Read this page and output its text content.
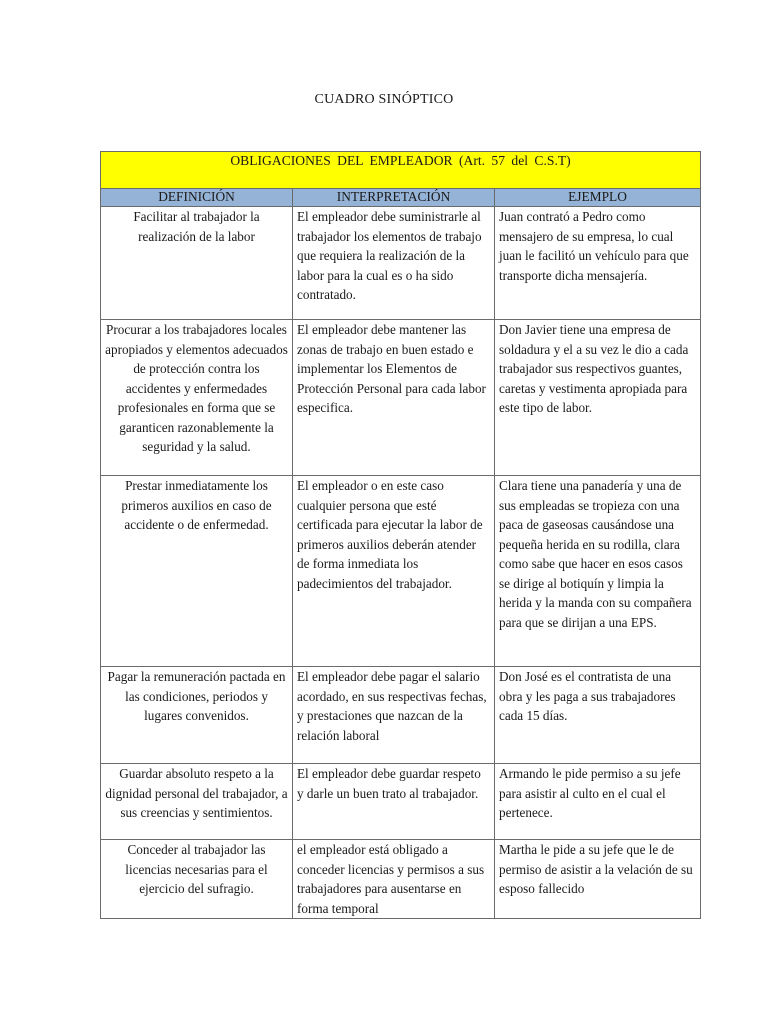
CUADRO SINÓPTICO
OBLIGACIONES DEL EMPLEADOR (Art. 57 del C.S.T)		
DEFINICIÓN	INTERPRETACIÓN	EJEMPLO
Facilitar al trabajador la realización de la labor	El empleador debe suministrarle al trabajador los elementos de trabajo que requiera la realización de la labor para la cual es o ha sido contratado.	Juan contrató a Pedro como mensajero de su empresa, lo cual juan le facilitó un vehículo para que transporte dicha mensajería.
Procurar a los trabajadores locales apropiados y elementos adecuados de protección contra los accidentes y enfermedades profesionales en forma que se garanticen razonablemente la seguridad y la salud.	El empleador debe mantener las zonas de trabajo en buen estado e implementar los Elementos de Protección Personal para cada labor especifica.	Don Javier tiene una empresa de soldadura y el a su vez le dio a cada trabajador sus respectivos guantes, caretas y vestimenta apropiada para este tipo de labor.
Prestar inmediatamente los primeros auxilios en caso de accidente o de enfermedad.	El empleador o en este caso cualquier persona que esté certificada para ejecutar la labor de primeros auxilios deberán atender de forma inmediata los padecimientos del trabajador.	Clara tiene una panadería y una de sus empleadas se tropieza con una paca de gaseosas causándose una pequeña herida en su rodilla, clara como sabe que hacer en esos casos se dirige al botiquín y limpia la herida y la manda con su compañera para que se dirijan a una EPS.
Pagar la remuneración pactada en las condiciones, periodos y lugares convenidos.	El empleador debe pagar el salario acordado, en sus respectivas fechas, y prestaciones que nazcan de la relación laboral	Don José es el contratista de una obra y les paga a sus trabajadores cada 15 días.
Guardar absoluto respeto a la dignidad personal del trabajador, a sus creencias y sentimientos.	El empleador debe guardar respeto y darle un buen trato al trabajador.	Armando le pide permiso a su jefe para asistir al culto en el cual el pertenece.
Conceder al trabajador las licencias necesarias para el ejercicio del sufragio.	el empleador está obligado a conceder licencias y permisos a sus trabajadores para ausentarse en forma temporal	Martha le pide a su jefe que le de permiso de asistir a la velación de su esposo fallecido
